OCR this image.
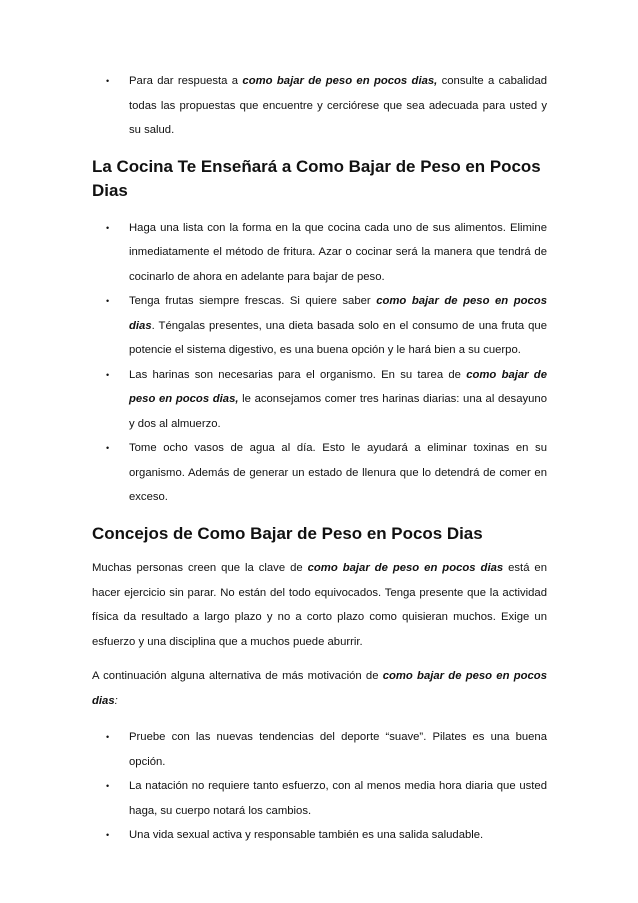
• Para dar respuesta a como bajar de peso en pocos dias, consulte a cabalidad todas las propuestas que encuentre y cerciórese que sea adecuada para usted y su salud.
La Cocina Te Enseñará a Como Bajar de Peso en Pocos Dias
• Haga una lista con la forma en la que cocina cada uno de sus alimentos. Elimine inmediatamente el método de fritura. Azar o cocinar será la manera que tendrá de cocinarlo de ahora en adelante para bajar de peso.
• Tenga frutas siempre frescas. Si quiere saber como bajar de peso en pocos dias. Téngalas presentes, una dieta basada solo en el consumo de una fruta que potencie el sistema digestivo, es una buena opción y le hará bien a su cuerpo.
• Las harinas son necesarias para el organismo. En su tarea de como bajar de peso en pocos dias, le aconsejamos comer tres harinas diarias: una al desayuno y dos al almuerzo.
• Tome ocho vasos de agua al día. Esto le ayudará a eliminar toxinas en su organismo. Además de generar un estado de llenura que lo detendrá de comer en exceso.
Concejos de Como Bajar de Peso en Pocos Dias

Muchas personas creen que la clave de como bajar de peso en pocos dias está en hacer ejercicio sin parar. No están del todo equivocados. Tenga presente que la actividad física da resultado a largo plazo y no a corto plazo como quisieran muchos. Exige un esfuerzo y una disciplina que a muchos puede aburrir.

A continuación alguna alternativa de más motivación de como bajar de peso en pocos dias:

• Pruebe con las nuevas tendencias del deporte “suave”. Pilates es una buena opción.
• La natación no requiere tanto esfuerzo, con al menos media hora diaria que usted haga, su cuerpo notará los cambios.
• Una vida sexual activa y responsable también es una salida saludable.
